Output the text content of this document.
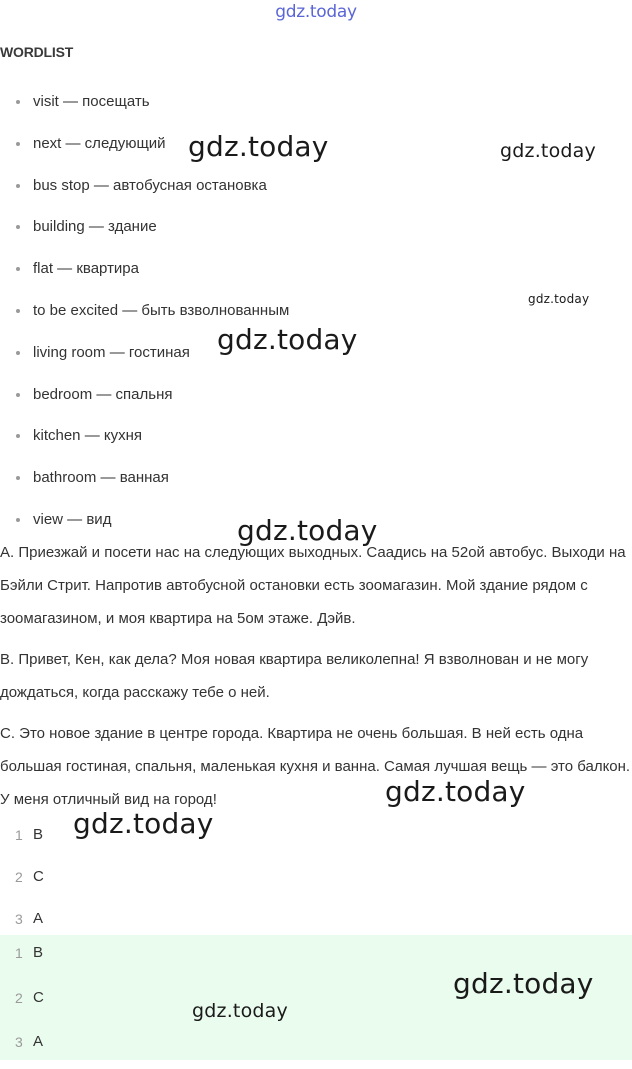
gdz.today
WORDLIST
visit — посещать
next — следующий
bus stop — автобусная остановка
building — здание
flat — квартира
to be excited — быть взволнованным
living room — гостиная
bedroom — спальня
kitchen — кухня
bathroom — ванная
view — вид

A. Приезжай и посети нас на следующих выходных. Саадись на 52ой автобус. Выходи на Бэйли Стрит. Напротив автобусной остановки есть зоомагазин. Мой здание рядом с зоомагазином, и моя квартира на 5ом этаже. Дэйв.

B. Привет, Кен, как дела? Моя новая квартира великолепна! Я взволнован и не могу дождаться, когда расскажу тебе о ней.

C. Это новое здание в центре города. Квартира не очень большая. В ней есть одна большая гостиная, спальня, маленькая кухня и ванна. Самая лучшая вещь — это балкон. У меня отличный вид на город!

1 B
2 C
3 A
1 B
2 C
3 A
gdz.today	gdz.today
gdz.today
gdz.today
gdz.today
gdz.today
gdz.today
gdz.today
gdz.today
